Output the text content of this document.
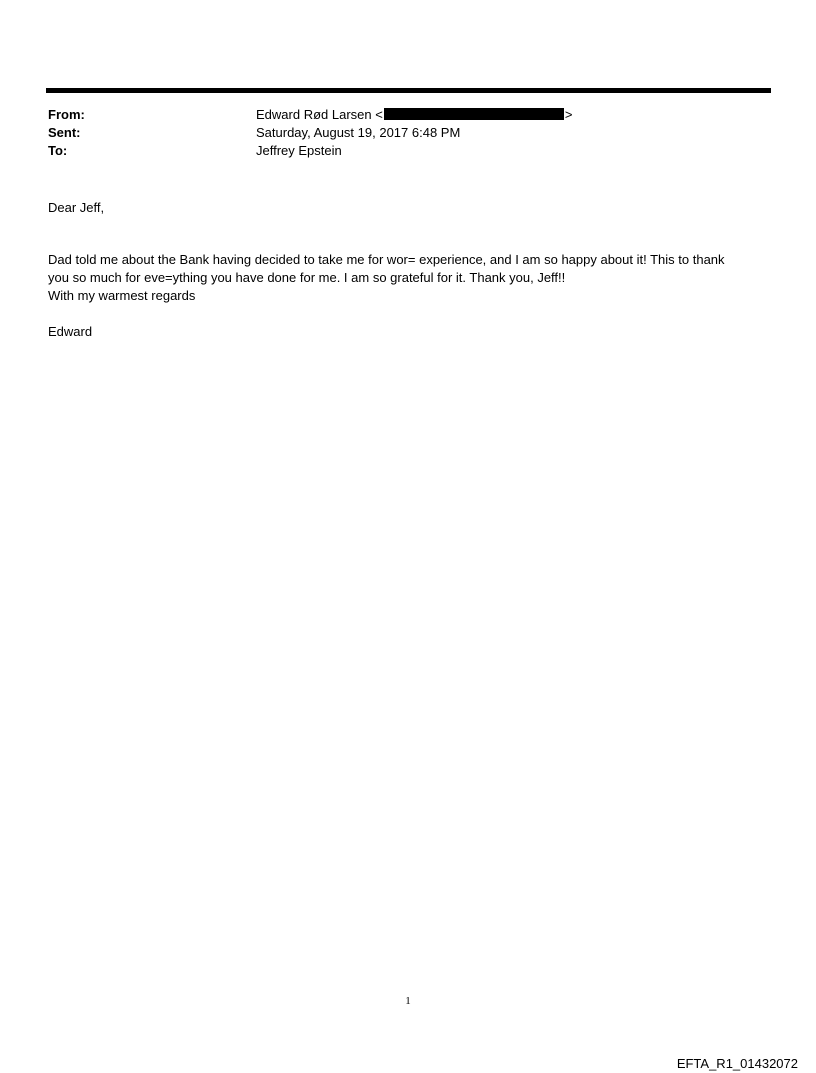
From:	Edward Rød Larsen <	>
Sent:	Saturday, August 19, 2017 6:48 PM
To:	Jeffrey Epstein
Dear Jeff,
Dad told me about the Bank having decided to take me for wor= experience, and I am so happy about it! This to thank
you so much for eve=ything you have done for me. I am so grateful for it. Thank you, Jeff!!
With my warmest regards
Edward
1
EFTA_R1_01432072
